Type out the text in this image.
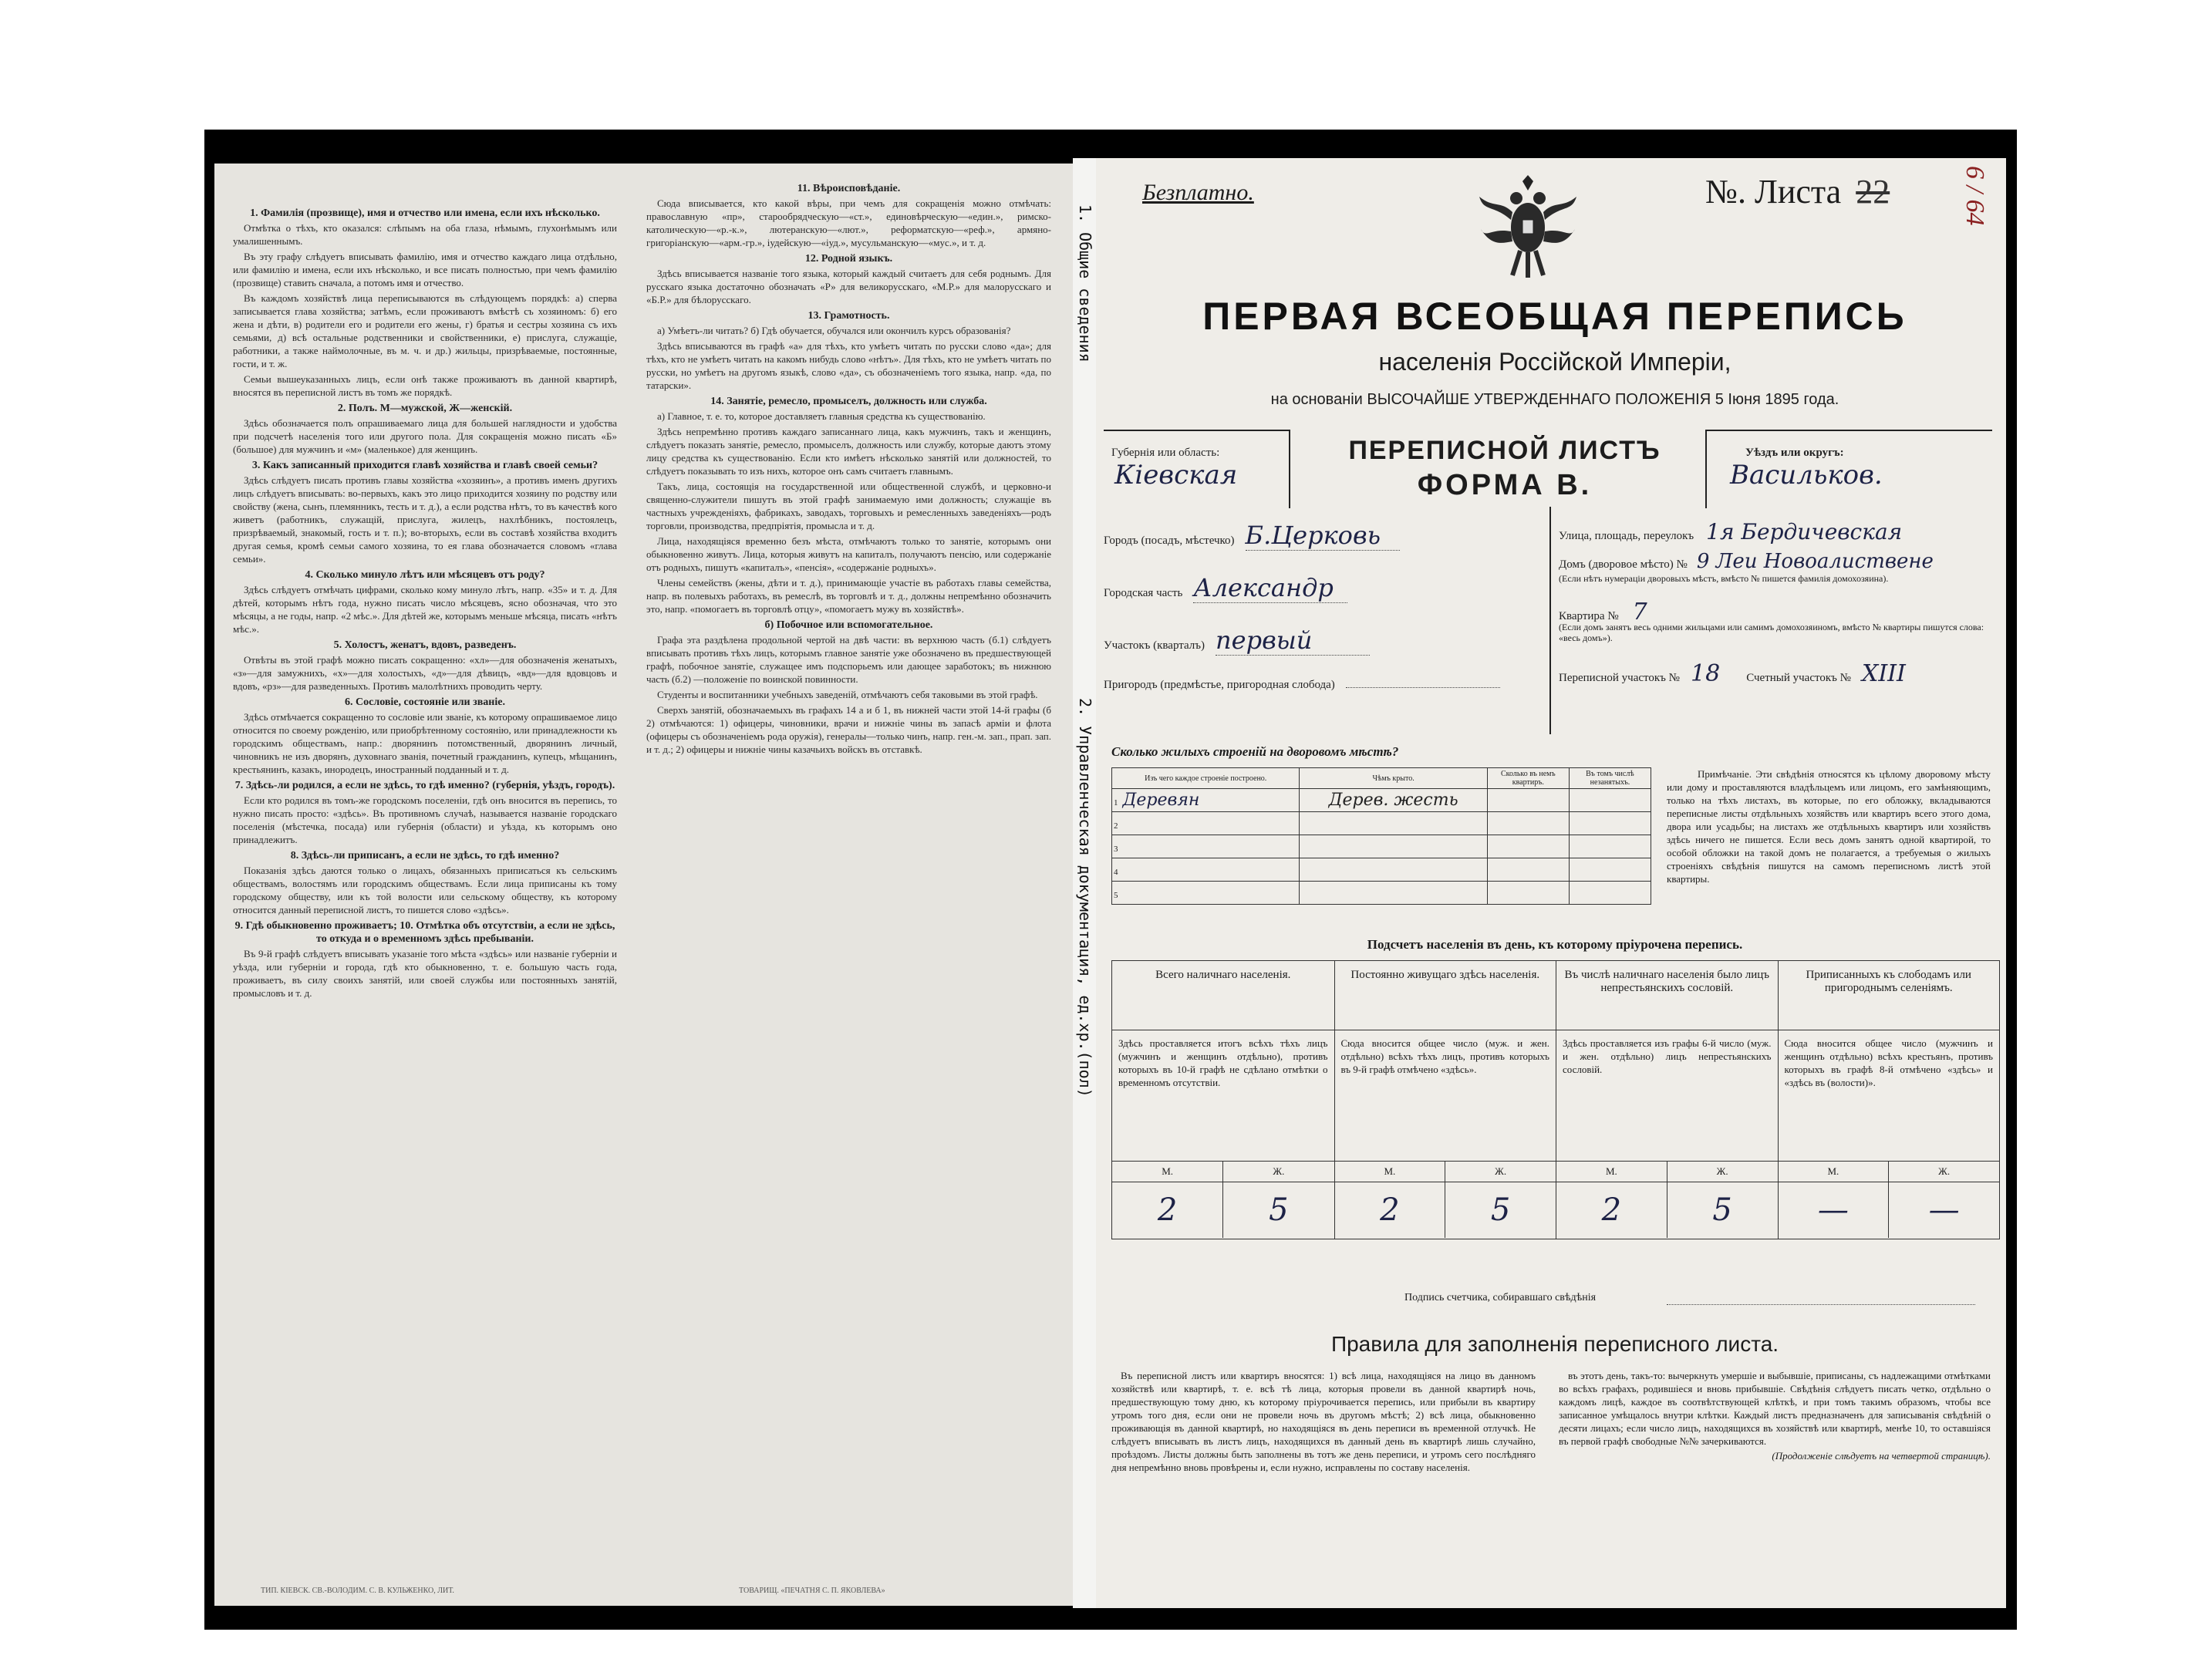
1. Фамилія (прозвище), имя и отчество или имена, если ихъ нѣсколько.

Отмѣтка о тѣхъ, кто оказался: слѣпымъ на оба глаза, нѣмымъ, глухонѣмымъ или умалишеннымъ.

Въ эту графу слѣдуетъ вписывать фамилію, имя и отчество каждаго лица отдѣльно, или фамилію и имена, если ихъ нѣсколько, и все писать полностью, при чемъ фамилію (прозвище) ставить сначала, а потомъ имя и отчество.

Въ каждомъ хозяйствѣ лица переписываются въ слѣдующемъ порядкѣ: а) сперва записывается глава хозяйства; затѣмъ, если проживаютъ вмѣстѣ съ хозяиномъ: б) его жена и дѣти, в) родители его и родители его жены, г) братья и сестры хозяина съ ихъ семьями, д) всѣ остальные родственники и свойственники, е) прислуга, служащіе, работники, а также наймолочные, въ м. ч. и др.) жильцы, призрѣваемые, постоянные, гости, и т. ж.

Семьи вышеуказанныхъ лицъ, если онѣ также проживаютъ въ данной квартирѣ, вносятся въ переписной листъ въ томъ же порядкѣ.

2. Полъ. М—мужской, Ж—женскій.

Здѣсь обозначается полъ опрашиваемаго лица для большей наглядности и удобства при подсчетѣ населенія того или другого пола. Для сокращенія можно писать «Б» (большое) для мужчинъ и «м» (маленькое) для женщинъ.

3. Какъ записанный приходится главѣ хозяйства и главѣ своей семьи?

Здѣсь слѣдуетъ писать противъ главы хозяйства «хозяинъ», а противъ именъ другихъ лицъ слѣдуетъ вписывать: во-первыхъ, какъ это лицо приходится хозяину по родству или свойству (жена, сынъ, племянникъ, тесть и т. д.), а если родства нѣтъ, то въ качествѣ кого живетъ (работникъ, служащій, прислуга, жилецъ, нахлѣбникъ, постоялецъ, призрѣваемый, знакомый, гость и т. п.); во-вторыхъ, если въ составѣ хозяйства входитъ другая семья, кромѣ семьи самого хозяина, то ея глава обозначается словомъ «глава семьи».

4. Сколько минуло лѣтъ или мѣсяцевъ отъ роду?

Здѣсь слѣдуетъ отмѣчать цифрами, сколько кому минуло лѣтъ, напр. «35» и т. д. Для дѣтей, которымъ нѣтъ года, нужно писать число мѣсяцевъ, ясно обозначая, что это мѣсяцы, а не годы, напр. «2 мѣс.». Для дѣтей же, которымъ меньше мѣсяца, писать «нѣтъ мѣс.».

5. Холостъ, женатъ, вдовъ, разведенъ.

Отвѣты въ этой графѣ можно писать сокращенно: «хл»—для обозначенія женатыхъ, «з»—для замужнихъ, «х»—для холостыхъ, «д»—для дѣвицъ, «вд»—для вдовцовъ и вдовъ, «рз»—для разведенныхъ. Противъ малолѣтнихъ проводить черту.

6. Сословіе, состояніе или званіе.

Здѣсь отмѣчается сокращенно то сословіе или званіе, къ которому опрашиваемое лицо относится по своему рожденію, или приобрѣтенному состоянію, или принадлежности къ городскимъ обществамъ, напр.: дворянинъ потомственный, дворянинъ личный, чиновникъ не изъ дворянъ, духовнаго званія, почетный гражданинъ, купецъ, мѣщанинъ, крестьянинъ, казакъ, инородецъ, иностранный подданный и т. д.

7. Здѣсь-ли родился, а если не здѣсь, то гдѣ именно? (губернія, уѣздъ, городъ).

Если кто родился въ томъ-же городскомъ поселеніи, гдѣ онъ вносится въ перепись, то нужно писать просто: «здѣсь». Въ противномъ случаѣ, называется названіе городскаго поселенія (мѣстечка, посада) или губернія (области) и уѣзда, къ которымъ оно принадлежитъ.

8. Здѣсь-ли приписанъ, а если не здѣсь, то гдѣ именно?

Показанія здѣсь даются только о лицахъ, обязанныхъ приписаться къ сельскимъ обществамъ, волостямъ или городскимъ обществамъ. Если лица приписаны къ тому городскому обществу, или къ той волости или сельскому обществу, къ которому относится данный переписной листъ, то пишется слово «здѣсь».

9. Гдѣ обыкновенно проживаетъ; 10. Отмѣтка объ отсутствіи, а если не здѣсь, то откуда и о временномъ здѣсь пребываніи.

Въ 9-й графѣ слѣдуетъ вписывать указаніе того мѣста «здѣсь» или названіе губерніи и уѣзда, или губерніи и города, гдѣ кто обыкновенно, т. е. большую часть года, проживаетъ, въ силу своихъ занятій, или своей службы или постоянныхъ занятій, промысловъ и т. д.

11. Вѣроисповѣданіе.

Сюда вписывается, кто какой вѣры, при чемъ для сокращенія можно отмѣчать: православную «пр», старообрядческую—«ст.», единовѣрческую—«един.», римско-католическую—«р.-к.», лютеранскую—«лют.», реформатскую—«реф.», армяно-григоріанскую—«арм.-гр.», іудейскую—«іуд.», мусульманскую—«мус.», и т. д.

12. Родной языкъ.

Здѣсь вписывается названіе того языка, который каждый считаетъ для себя роднымъ. Для русскаго языка достаточно обозначать «Р» для великорусскаго, «М.Р.» для малорусскаго и «Б.Р.» для бѣлорусскаго.

13. Грамотность.

а) Умѣетъ-ли читать? б) Гдѣ обучается, обучался или окончилъ курсъ образованія?

Здѣсь вписываются въ графѣ «а» для тѣхъ, кто умѣетъ читать по русски слово «да»; для тѣхъ, кто не умѣетъ читать на какомъ нибудь слово «нѣтъ». Для тѣхъ, кто не умѣетъ читать по русски, но умѣетъ на другомъ языкѣ, слово «да», съ обозначеніемъ того языка, напр. «да, по татарски».

14. Занятіе, ремесло, промыселъ, должность или служба.

а) Главное, т. е. то, которое доставляетъ главныя средства къ существованію.

Здѣсь непремѣнно противъ каждаго записаннаго лица, какъ мужчинъ, такъ и женщинъ, слѣдуетъ показать занятіе, ремесло, промыселъ, должность или службу, которые даютъ этому лицу средства къ существованію. Если кто имѣетъ нѣсколько занятій или должностей, то слѣдуетъ показывать то изъ нихъ, которое онъ самъ считаетъ главнымъ.

Такъ, лица, состоящія на государственной или общественной службѣ, и церковно-и священно-служители пишутъ въ этой графѣ занимаемую ими должность; служащіе въ частныхъ учрежденіяхъ, фабрикахъ, заводахъ, торговыхъ и ремесленныхъ заведеніяхъ—родъ торговли, производства, предпріятія, промысла и т. д.

Лица, находящіяся временно безъ мѣста, отмѣчаютъ только то занятіе, которымъ они обыкновенно живутъ. Лица, которыя живутъ на капиталъ, получаютъ пенсію, или содержаніе отъ родныхъ, пишутъ «капиталъ», «пенсія», «содержаніе родныхъ».

Члены семействъ (жены, дѣти и т. д.), принимающіе участіе въ работахъ главы семейства, напр. въ полевыхъ работахъ, въ ремеслѣ, въ торговлѣ и т. д., должны непремѣнно обозначить это, напр. «помогаетъ въ торговлѣ отцу», «помогаетъ мужу въ хозяйствѣ».

б) Побочное или вспомогательное.

Графа эта раздѣлена продольной чертой на двѣ части: въ верхнюю часть (б.1) слѣдуетъ вписывать противъ тѣхъ лицъ, которымъ главное занятіе уже обозначено въ предшествующей графѣ, побочное занятіе, служащее имъ подспорьемъ или дающее заработокъ; въ нижнюю часть (б.2) —положеніе по воинской повинности.

Студенты и воспитанники учебныхъ заведеній, отмѣчаютъ себя таковыми въ этой графѣ.

Сверхъ занятій, обозначаемыхъ въ графахъ 14 а и б 1, въ нижней части этой 14-й графы (б 2) отмѣчаются: 1) офицеры, чиновники, врачи и нижніе чины въ запасѣ арміи и флота (офицеры съ обозначеніемъ рода оружія), генералы—только чинъ, напр. ген.-м. зап., прап. зап. и т. д.; 2) офицеры и нижніе чины казачьихъ войскъ въ отставкѣ.

ТИП. КІЕВСК. СВ.-ВОЛОДИМ. С. В. КУЛЬЖЕНКО, ЛИТ.	ТОВАРИЩ. «ПЕЧАТНЯ С. П. ЯКОВЛЕВА»
1. Общие сведения
2. Управленческая документация, ед.хр.(пол)
Безплатно.	№. Листа 22	6 / 64
ПЕРВАЯ ВСЕОБЩАЯ ПЕРЕПИСЬ
населенія Россійской Имперіи,
на основаніи ВЫСОЧАЙШЕ УТВЕРЖДЕННАГО ПОЛОЖЕНІЯ 5 Іюня 1895 года.
Губернія или область:
Кіевская
ПЕРЕПИСНОЙ ЛИСТЪ
ФОРМА В.
Уѣздъ или округъ:
Васильков.
Городъ (посадъ, мѣстечко) Б.Церковь
Городская часть Александр
Участокъ (кварталъ) первый
Пригородъ (предмѣстье, пригородная слобода)
Улица, площадь, переулокъ 1я Бердичевская
Домъ (дворовое мѣсто) № 9 Леи Новоалиствене
(Если нѣтъ нумераціи дворовыхъ мѣстъ, вмѣсто № пишется фамилія домохозяина).
Квартира № 7
(Если домъ занятъ весь одними жильцами или самимъ домохозяиномъ, вмѣсто № квартиры пишутся слова: «весь домъ»).
Переписной участокъ № 18 Счетный участокъ № XIII
Сколько жилыхъ строеній на дворовомъ мѣстѣ?
Изъ чего каждое строеніе построено.	Чѣмъ крыто.	Сколько въ немъ квартиръ.	Въ томъ числѣ незанятыхъ.
1 Деревян	Дерев. жесть		
2			
3			
4			
5			
Примѣчаніе. Эти свѣдѣнія относятся къ цѣлому дворовому мѣсту или дому и проставляются владѣльцемъ или лицомъ, его замѣняющимъ, только на тѣхъ листахъ, въ которые, по его обложку, вкладываются переписные листы отдѣльныхъ хозяйствъ или квартиръ всего этого дома, двора или усадьбы; на листахъ же отдѣльныхъ квартиръ или хозяйствъ здѣсь ничего не пишется. Если весь домъ занятъ одной квартирой, то особой обложки на такой домъ не полагается, а требуемыя о жилыхъ строеніяхъ свѣдѣнія пишутся на самомъ переписномъ листѣ этой квартиры.
Подсчетъ населенія въ день, къ которому пріурочена перепись.
Всего наличнаго населенія.
Здѣсь проставляется итогъ всѣхъ тѣхъ лицъ (мужчинъ и женщинъ отдѣльно), противъ которыхъ въ 10-й графѣ не сдѣлано отмѣтки о временномъ отсутствіи.
М.	Ж.
2	5
Постоянно живущаго здѣсь населенія.
Сюда вносится общее число (муж. и жен. отдѣльно) всѣхъ тѣхъ лицъ, противъ которыхъ въ 9-й графѣ отмѣчено «здѣсь».
М.	Ж.
2	5
Въ числѣ наличнаго населенія было лицъ непрестьянскихъ сословій.
Здѣсь проставляется изъ графы 6-й число (муж. и жен. отдѣльно) лицъ непрестьянскихъ сословій.
М.	Ж.
2	5
Приписанныхъ къ слободамъ или пригороднымъ селеніямъ.
Сюда вносится общее число (мужчинъ и женщинъ отдѣльно) всѣхъ крестьянъ, противъ которыхъ въ графѣ 8-й отмѣчено «здѣсь» и «здѣсь въ (волости)».
М.	Ж.
—	—
Подпись счетчика, собиравшаго свѣдѣнія
Правила для заполненія переписного листа.

Въ переписной листъ или квартиръ вносятся: 1) всѣ лица, находящіяся на лицо въ данномъ хозяйствѣ или квартирѣ, т. е. всѣ тѣ лица, которыя провели въ данной квартирѣ ночь, предшествующую тому дню, къ которому пріурочивается перепись, или прибыли въ квартиру утромъ того дня, если они не провели ночь въ другомъ мѣстѣ; 2) всѣ лица, обыкновенно проживающія въ данной квартирѣ, но находящіяся въ день переписи въ временной отлучкѣ. Не слѣдуетъ вписывать въ листъ лицъ, находящихся въ данный день въ квартирѣ лишь случайно, проѣздомъ. Листы должны быть заполнены въ тотъ же день переписи, и утромъ сего послѣдняго дня непремѣнно вновь провѣрены и, если нужно, исправлены по составу населенія.

въ этотъ день, такъ-то: вычеркнуть умершіе и выбывшіе, приписаны, съ надлежащими отмѣтками во всѣхъ графахъ, родившіеся и вновь прибывшіе. Свѣдѣнія слѣдуетъ писать четко, отдѣльно о каждомъ лицѣ, каждое въ соотвѣтствующей клѣткѣ, и при томъ такимъ образомъ, чтобы все записанное умѣщалось внутри клѣтки. Каждый листъ предназначенъ для записыванія свѣдѣній о десяти лицахъ; если число лицъ, находящихся въ хозяйствѣ или квартирѣ, менѣе 10, то оставшіяся въ первой графѣ свободные №№ зачеркиваются.

(Продолженіе слѣдуетъ на четвертой страницѣ).
